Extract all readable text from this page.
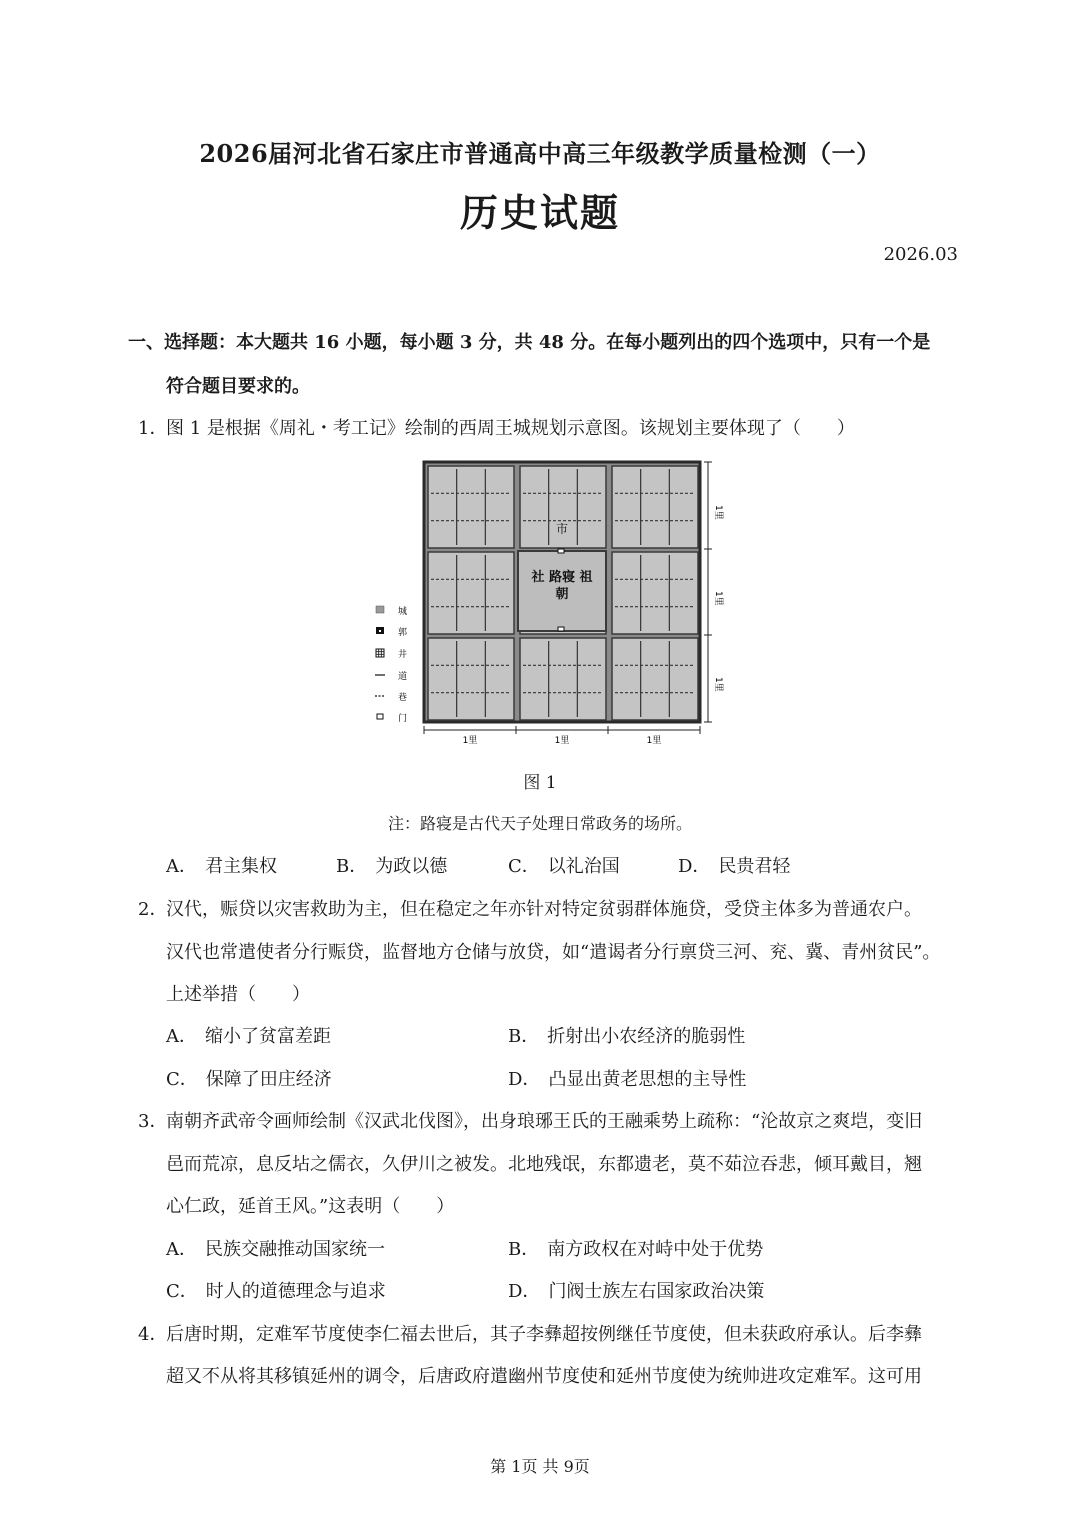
2026届河北省石家庄市普通高中高三年级教学质量检测（一）
历史试题
2026.03
一、选择题：本大题共 16 小题，每小题 3 分，共 48 分。在每小题列出的四个选项中，只有一个是
符合题目要求的。
1．
图 1 是根据《周礼・考工记》绘制的西周王城规划示意图。该规划主要体现了（　　）
市
社 路寝 祖
朝
1里	1里	1里
1里
1里
1里
城
郭
井
道
巷
门
图 1
注：路寝是古代天子处理日常政务的场所。
A． 君主集权	B． 为政以德	C． 以礼治国	D． 民贵君轻
2．
汉代，赈贷以灾害救助为主，但在稳定之年亦针对特定贫弱群体施贷，受贷主体多为普通农户。
汉代也常遣使者分行赈贷，监督地方仓储与放贷，如“遣谒者分行禀贷三河、兖、冀、青州贫民”。
上述举措（　　）
A． 缩小了贫富差距	B． 折射出小农经济的脆弱性
C． 保障了田庄经济	D． 凸显出黄老思想的主导性
3．
南朝齐武帝令画师绘制《汉武北伐图》，出身琅琊王氏的王融乘势上疏称：“沦故京之爽垲，变旧
邑而荒凉，息反坫之儒衣，久伊川之被发。北地残氓，东都遗老，莫不茹泣吞悲，倾耳戴目，翘
心仁政，延首王风。”这表明（　　）
A． 民族交融推动国家统一	B． 南方政权在对峙中处于优势
C． 时人的道德理念与追求	D． 门阀士族左右国家政治决策
4．
后唐时期，定难军节度使李仁福去世后，其子李彝超按例继任节度使，但未获政府承认。后李彝
超又不从将其移镇延州的调令，后唐政府遣幽州节度使和延州节度使为统帅进攻定难军。这可用
第 1页 共 9页
